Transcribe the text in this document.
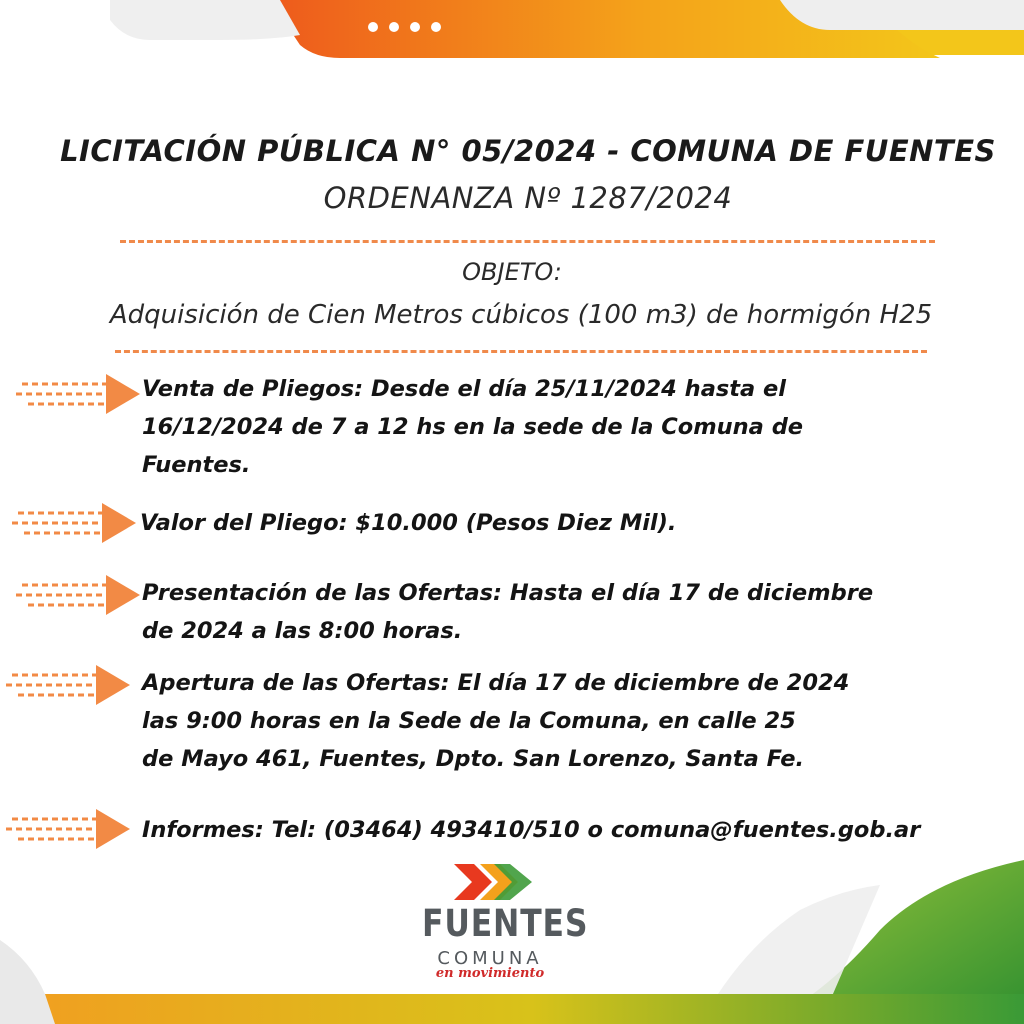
LICITACIÓN PÚBLICA N° 05/2024 - COMUNA DE FUENTES
ORDENANZA Nº 1287/2024
OBJETO:
Adquisición de Cien Metros cúbicos (100 m3) de hormigón H25
Venta de Pliegos: Desde el día 25/11/2024 hasta el
16/12/2024 de 7 a 12 hs en la sede de la Comuna de
Fuentes.
Valor del Pliego: $10.000 (Pesos Diez Mil).
Presentación de las Ofertas: Hasta el día 17 de diciembre
de 2024 a las 8:00 horas.
Apertura de las Ofertas: El día 17 de diciembre de 2024
las 9:00 horas en la Sede de la Comuna, en calle 25
de Mayo 461, Fuentes, Dpto. San Lorenzo, Santa Fe.
Informes: Tel: (03464) 493410/510 o comuna@fuentes.gob.ar
FUENTES
COMUNA
en movimiento
